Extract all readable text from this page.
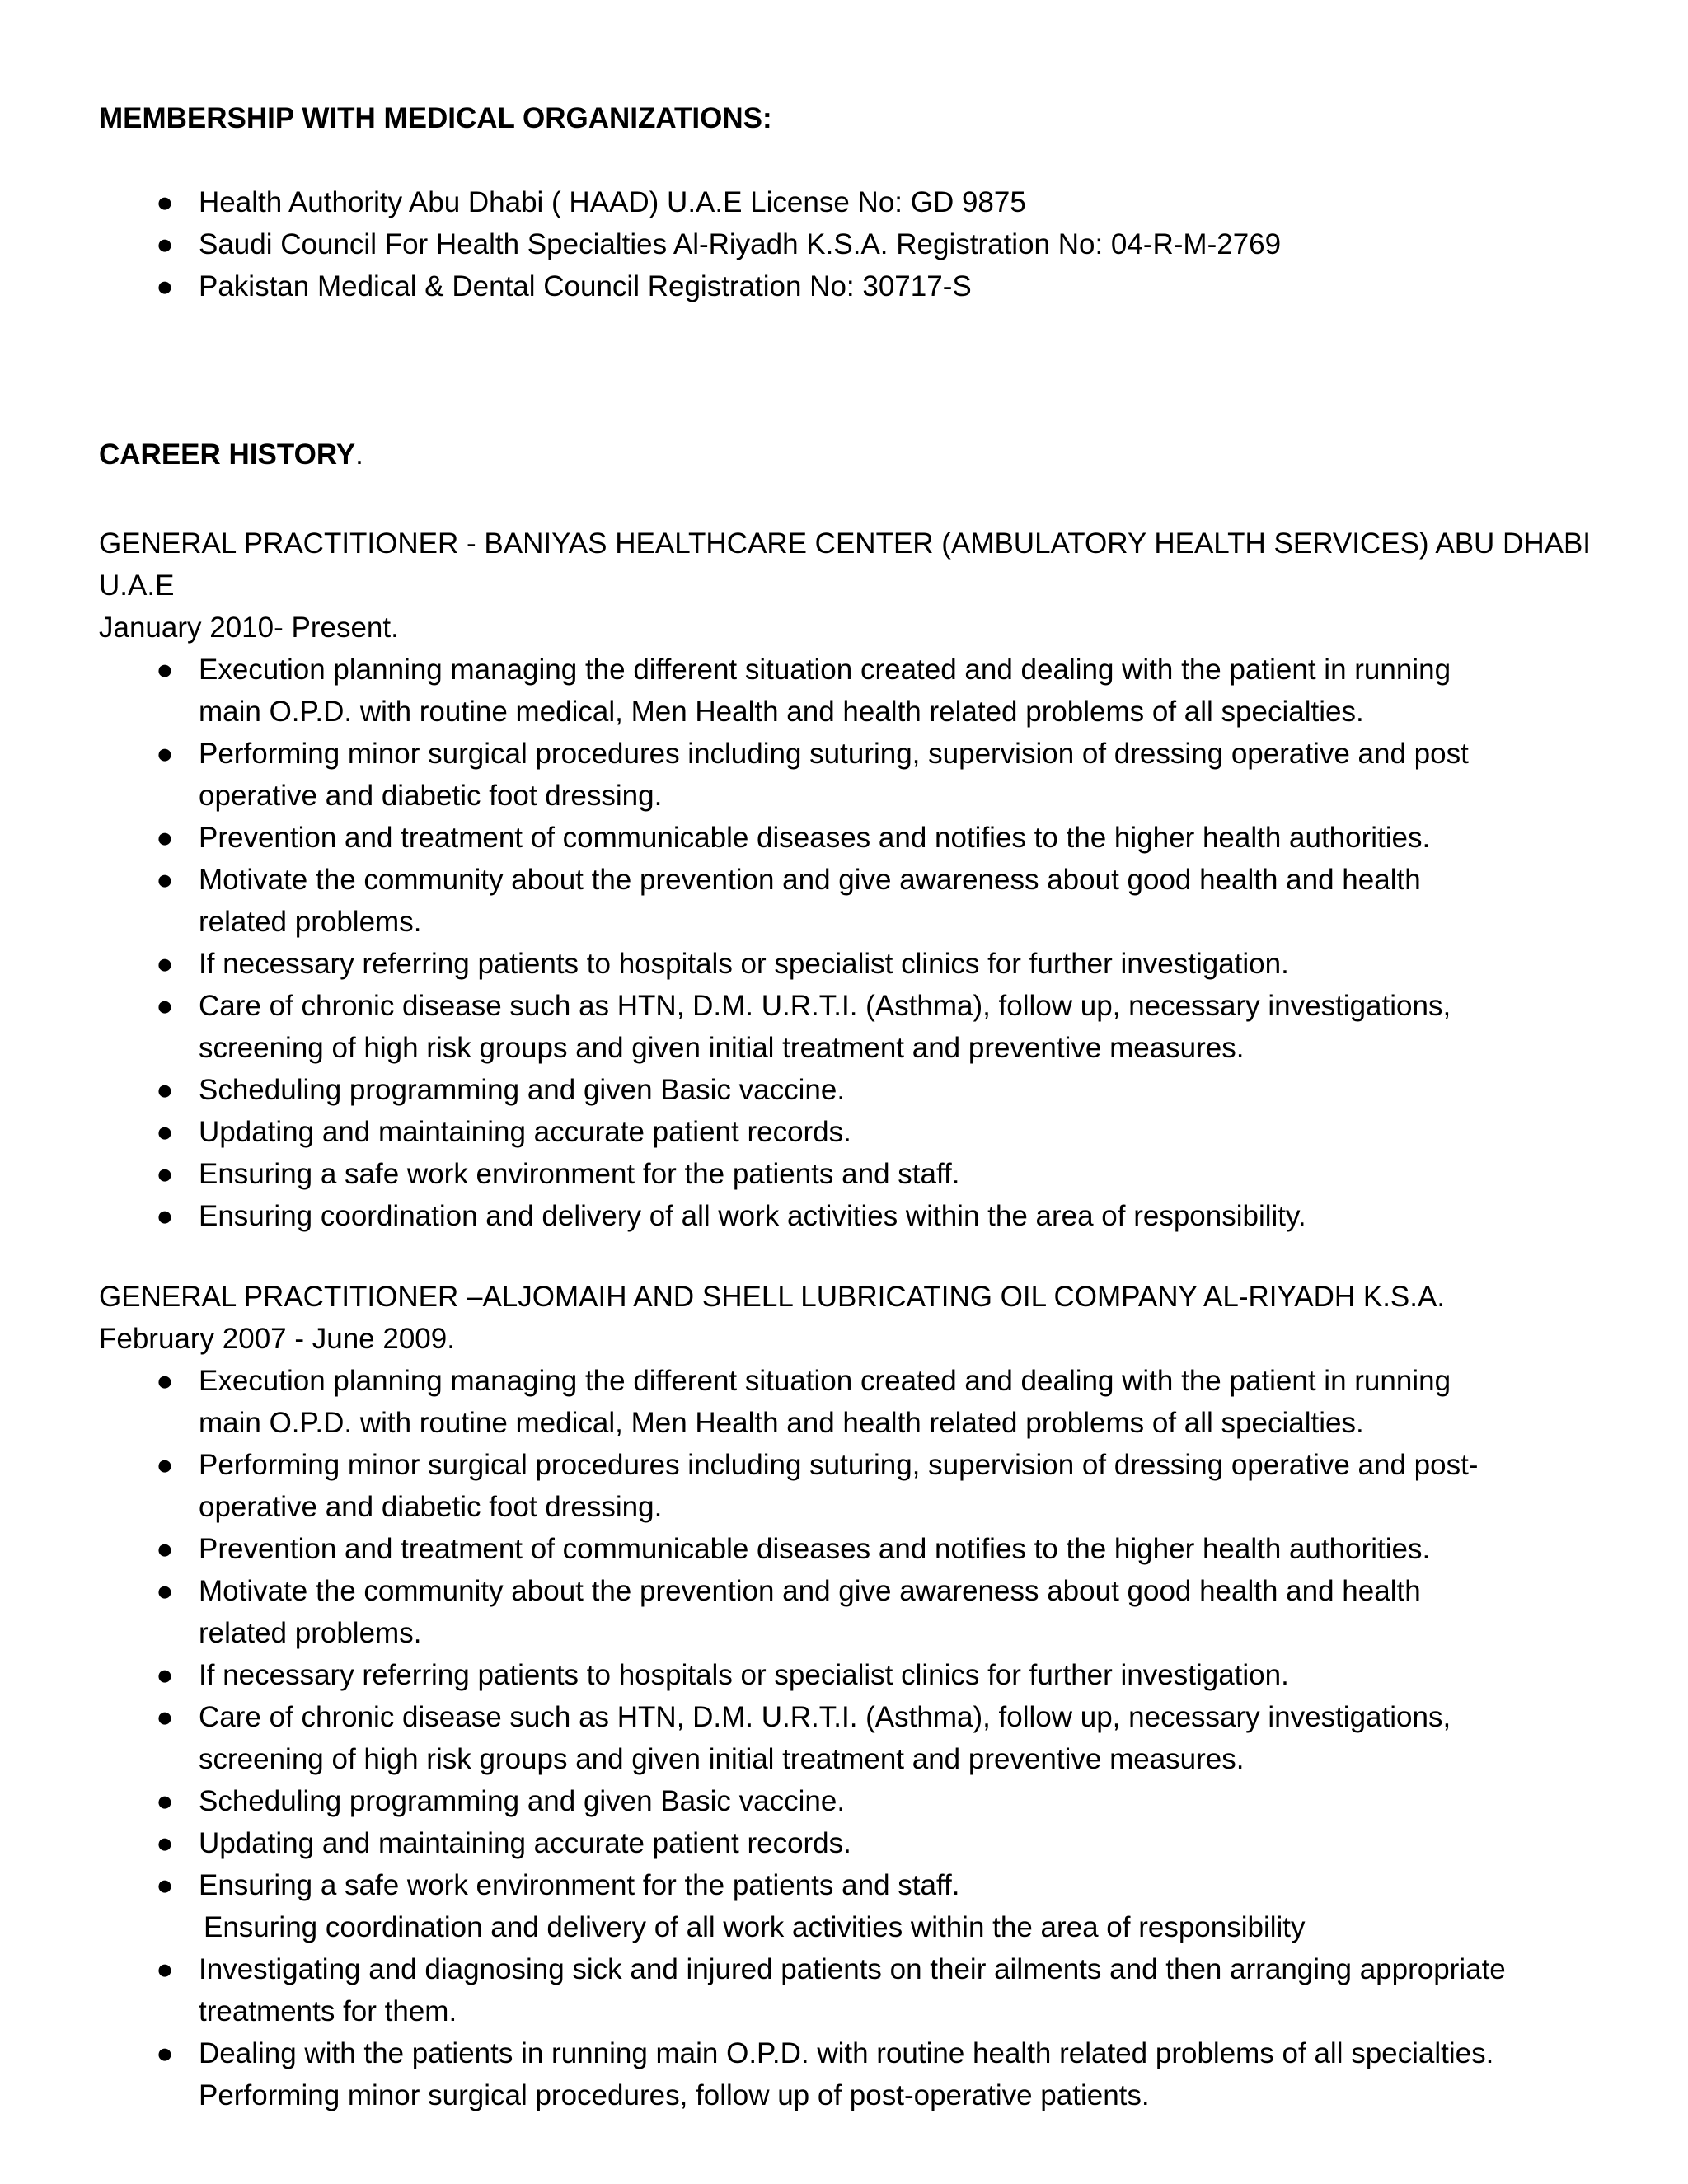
MEMBERSHIP WITH MEDICAL ORGANIZATIONS:

● Health Authority Abu Dhabi ( HAAD) U.A.E License No: GD 9875
● Saudi Council For Health Specialties Al-Riyadh K.S.A. Registration No: 04-R-M-2769
● Pakistan Medical & Dental Council Registration No: 30717-S

CAREER HISTORY.

GENERAL PRACTITIONER - BANIYAS HEALTHCARE CENTER (AMBULATORY HEALTH SERVICES) ABU DHABI U.A.E

January 2010- Present.

● Execution planning managing the different situation created and dealing with the patient in running
main O.P.D. with routine medical, Men Health and health related problems of all specialties.
● Performing minor surgical procedures including suturing, supervision of dressing operative and post
operative and diabetic foot dressing.
● Prevention and treatment of communicable diseases and notifies to the higher health authorities.
● Motivate the community about the prevention and give awareness about good health and health
related problems.
● If necessary referring patients to hospitals or specialist clinics for further investigation.
● Care of chronic disease such as HTN, D.M. U.R.T.I. (Asthma), follow up, necessary investigations,
screening of high risk groups and given initial treatment and preventive measures.
● Scheduling programming and given Basic vaccine.
● Updating and maintaining accurate patient records.
● Ensuring a safe work environment for the patients and staff.
● Ensuring coordination and delivery of all work activities within the area of responsibility.

GENERAL PRACTITIONER –ALJOMAIH AND SHELL LUBRICATING OIL COMPANY AL-RIYADH K.S.A.

February 2007 - June 2009.

● Execution planning managing the different situation created and dealing with the patient in running
main O.P.D. with routine medical, Men Health and health related problems of all specialties.
● Performing minor surgical procedures including suturing, supervision of dressing operative and post-
operative and diabetic foot dressing.
● Prevention and treatment of communicable diseases and notifies to the higher health authorities.
● Motivate the community about the prevention and give awareness about good health and health
related problems.
● If necessary referring patients to hospitals or specialist clinics for further investigation.
● Care of chronic disease such as HTN, D.M. U.R.T.I. (Asthma), follow up, necessary investigations,
screening of high risk groups and given initial treatment and preventive measures.
● Scheduling programming and given Basic vaccine.
● Updating and maintaining accurate patient records.
● Ensuring a safe work environment for the patients and staff.
Ensuring coordination and delivery of all work activities within the area of responsibility
● Investigating and diagnosing sick and injured patients on their ailments and then arranging appropriate
treatments for them.
● Dealing with the patients in running main O.P.D. with routine health related problems of all specialties.
Performing minor surgical procedures, follow up of post-operative patients.
